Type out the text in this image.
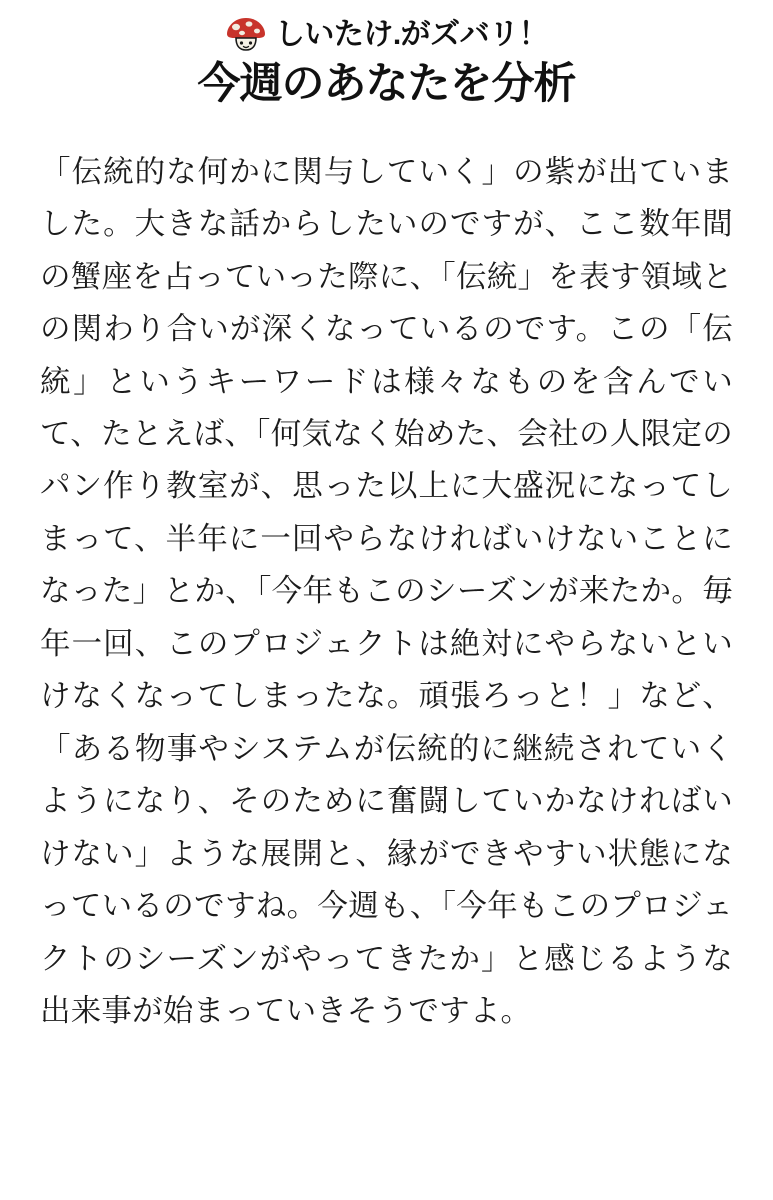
しいたけ.がズバリ！
今週のあなたを分析

「伝統的な何かに関与していく」の紫が出ていました。大きな話からしたいのですが、ここ数年間の蟹座を占っていった際に、「伝統」を表す領域との関わり合いが深くなっているのです。この「伝統」というキーワードは様々なものを含んでいて、たとえば、「何気なく始めた、会社の人限定のパン作り教室が、思った以上に大盛況になってしまって、半年に一回やらなければいけないことになった」とか、「今年もこのシーズンが来たか。毎年一回、このプロジェクトは絶対にやらないといけなくなってしまったな。頑張ろっと！」など、「ある物事やシステムが伝統的に継続されていくようになり、そのために奮闘していかなければいけない」ような展開と、縁ができやすい状態になっているのですね。今週も、「今年もこのプロジェクトのシーズンがやってきたか」と感じるような出来事が始まっていきそうですよ。
